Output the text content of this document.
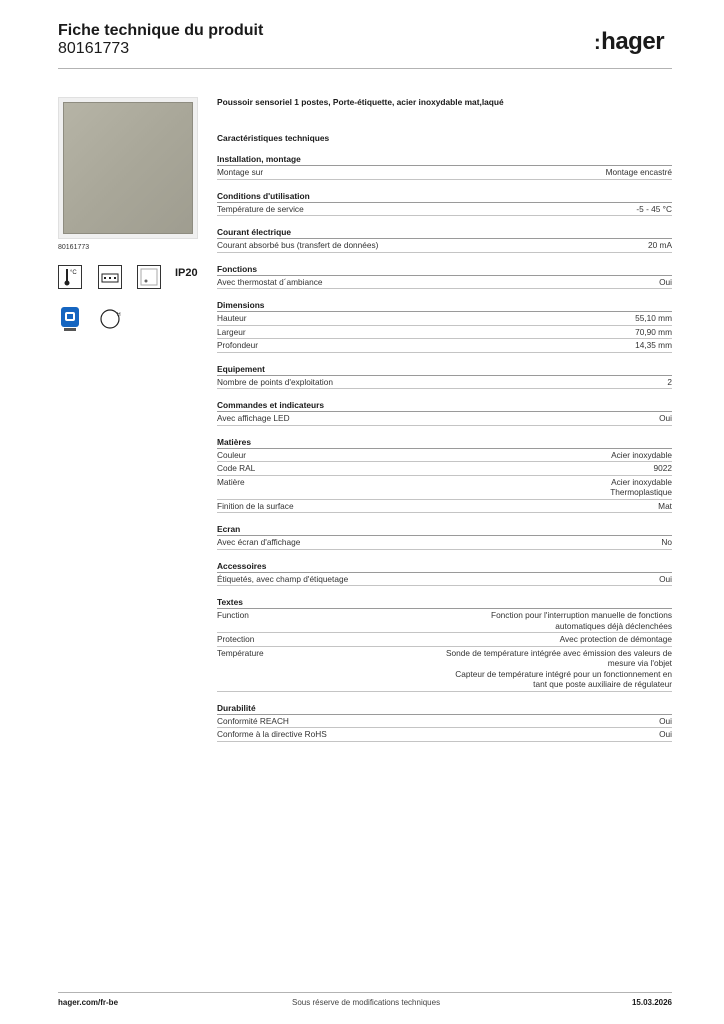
Fiche technique du produit
80161773	:hager
80161773
°C	IP20
H
Poussoir sensoriel 1 postes, Porte-étiquette, acier inoxydable mat,laqué
Caractéristiques techniques
Installation, montage
Montage sur	Montage encastré
Conditions d'utilisation
Température de service	-5 - 45 °C
Courant électrique
Courant absorbé bus (transfert de données)	20 mA
Fonctions
Avec thermostat d´ambiance	Oui
Dimensions
Hauteur	55,10 mm
Largeur	70,90 mm
Profondeur	14,35 mm
Equipement
Nombre de points d'exploitation	2
Commandes et indicateurs
Avec affichage LED	Oui
Matières
Couleur	Acier inoxydable
Code RAL	9022
Matière	Acier inoxydable
Thermoplastique
Finition de la surface	Mat
Ecran
Avec écran d'affichage	No
Accessoires
Étiquetés, avec champ d'étiquetage	Oui
Textes
Function	Fonction pour l'interruption manuelle de fonctions
automatiques déjà déclenchées
Protection	Avec protection de démontage
Température	Sonde de température intégrée avec émission des valeurs de
mesure via l'objet
Capteur de température intégré pour un fonctionnement en
tant que poste auxiliaire de régulateur
Durabilité
Conformité REACH	Oui
Conforme à la directive RoHS	Oui
hager.com/fr-be	Sous réserve de modifications techniques	15.03.2026
